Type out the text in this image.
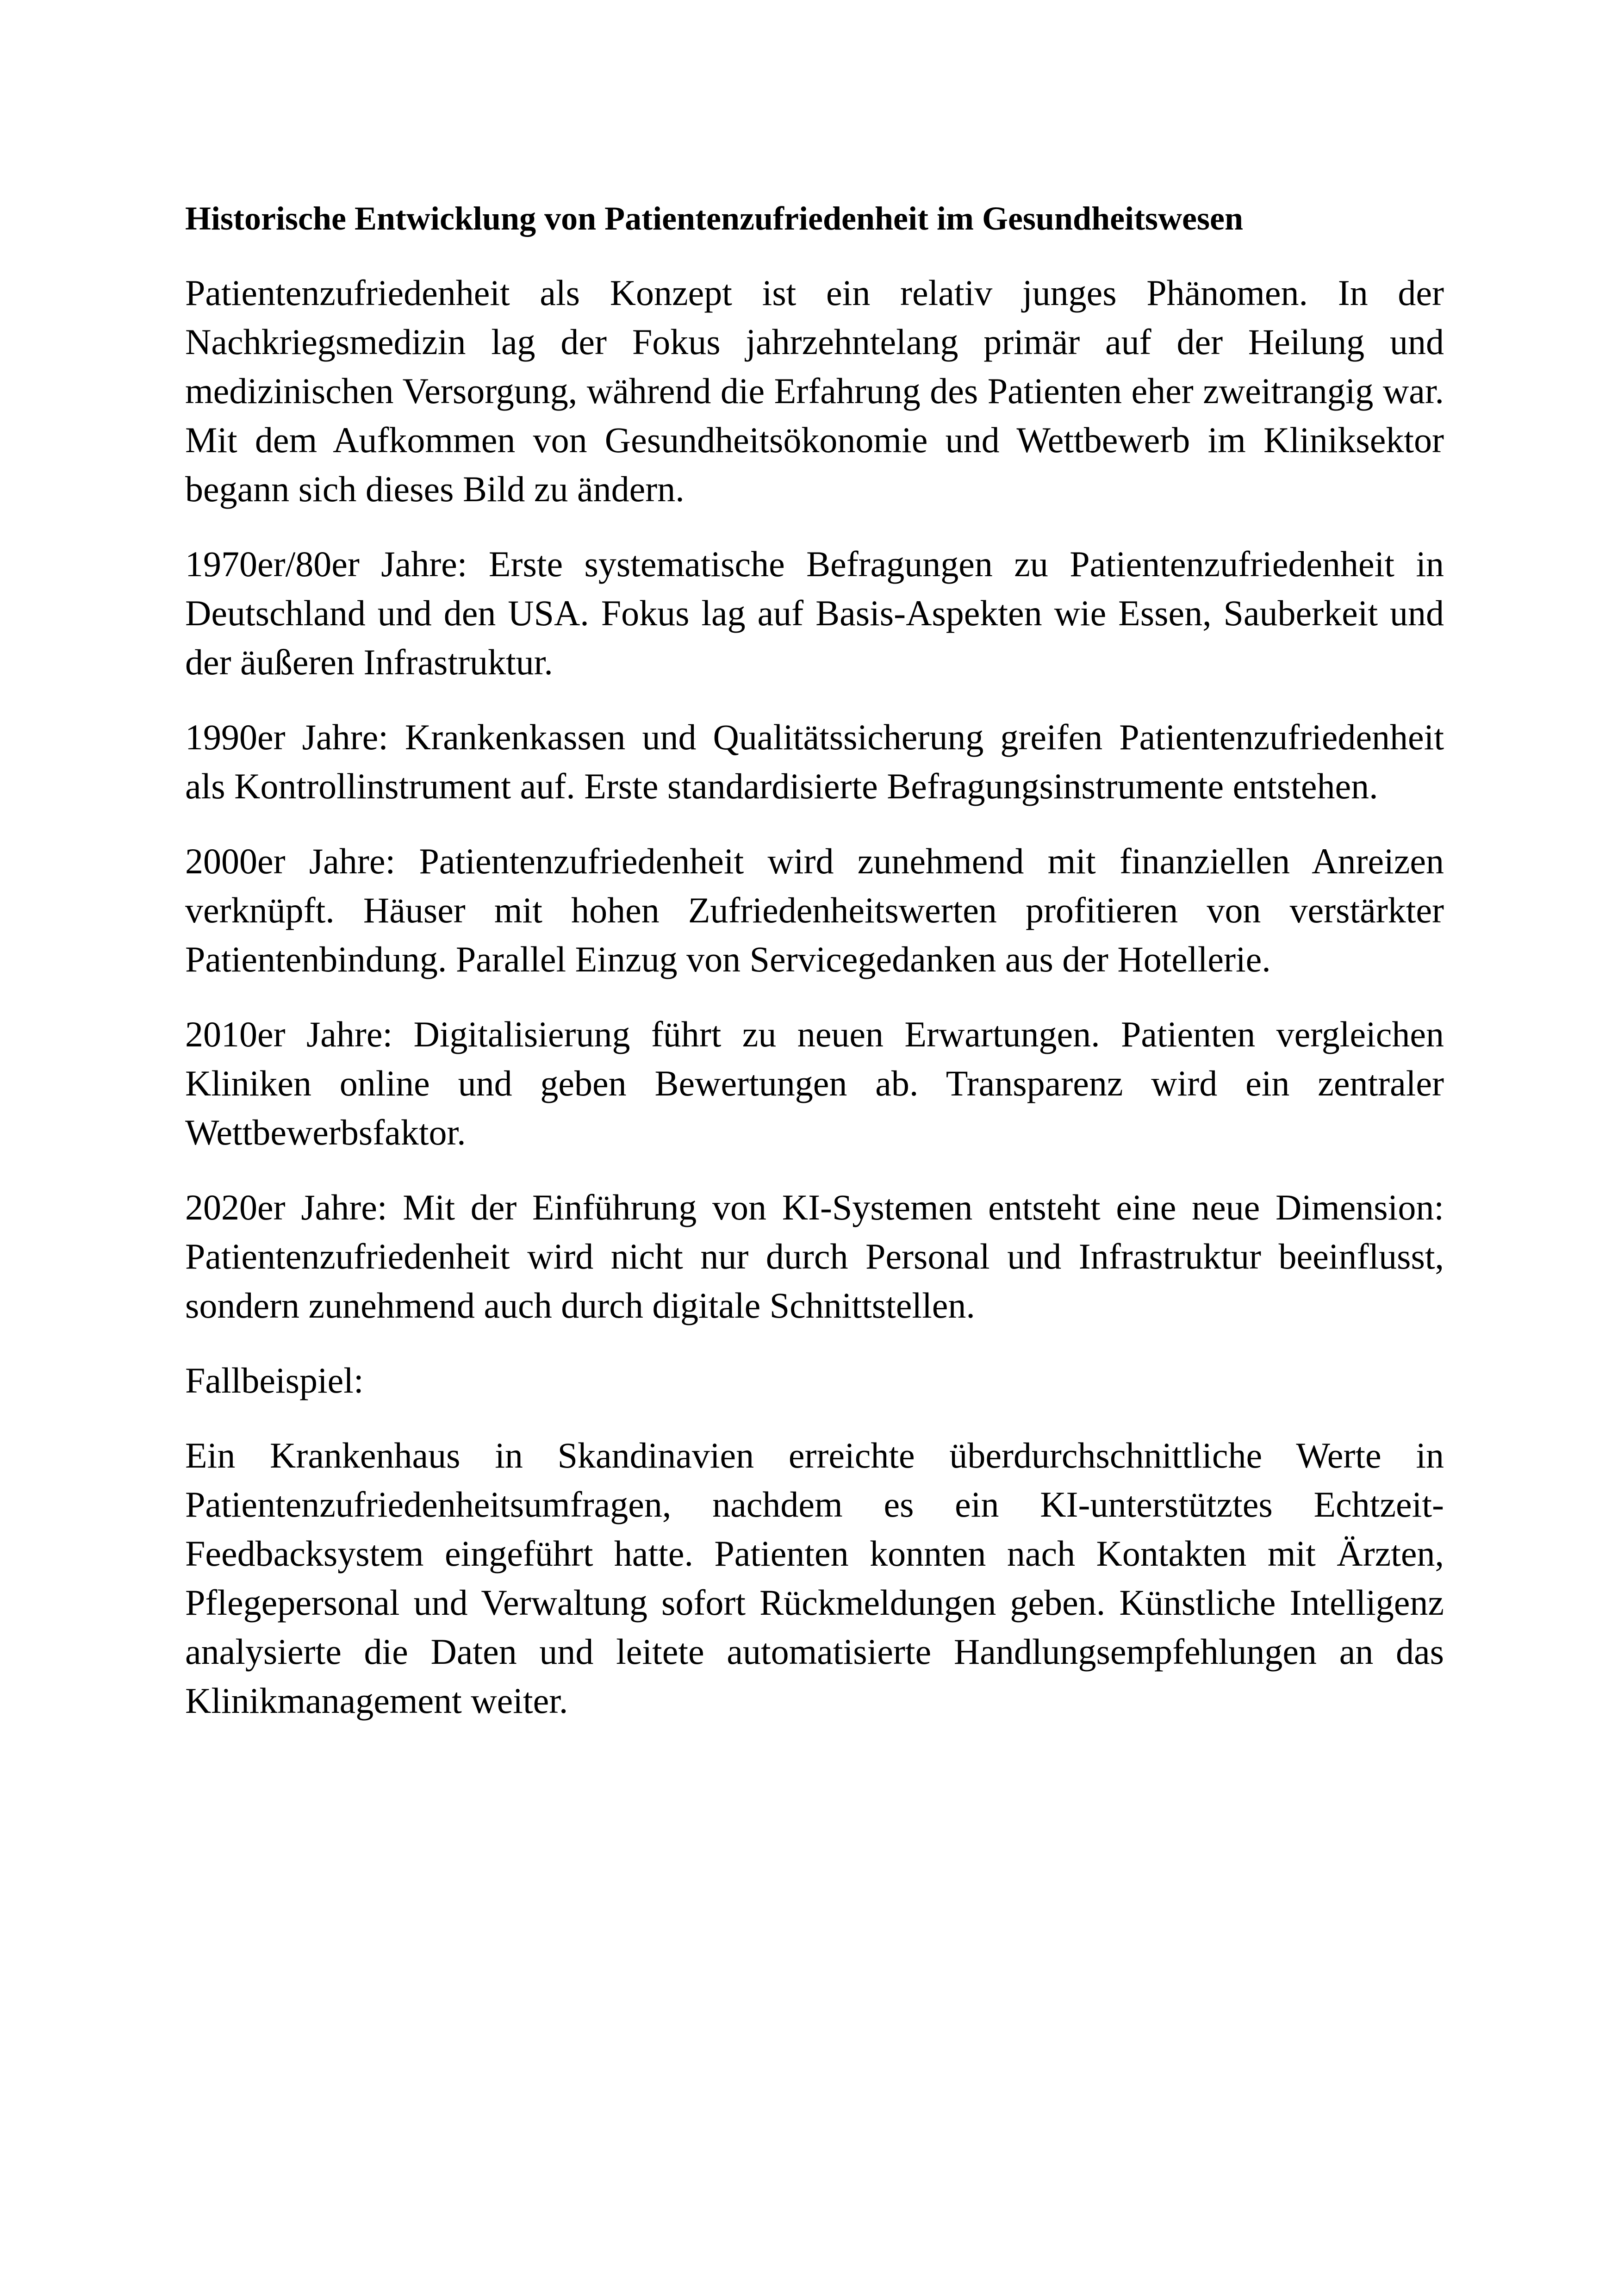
Historische Entwicklung von Patientenzufriedenheit im Gesundheitswesen

Patientenzufriedenheit als Konzept ist ein relativ junges Phänomen. In der Nachkriegsmedizin lag der Fokus jahrzehntelang primär auf der Heilung und medizinischen Versorgung, während die Erfahrung des Patienten eher zweitrangig war. Mit dem Aufkommen von Gesundheitsökonomie und Wettbewerb im Kliniksektor begann sich dieses Bild zu ändern.

1970er/80er Jahre: Erste systematische Befragungen zu Patientenzufriedenheit in Deutschland und den USA. Fokus lag auf Basis-Aspekten wie Essen, Sauberkeit und der äußeren Infrastruktur.

1990er Jahre: Krankenkassen und Qualitätssicherung greifen Patientenzufriedenheit als Kontrollinstrument auf. Erste standardisierte Befragungsinstrumente entstehen.

2000er Jahre: Patientenzufriedenheit wird zunehmend mit finanziellen Anreizen verknüpft. Häuser mit hohen Zufriedenheitswerten profitieren von verstärkter Patientenbindung. Parallel Einzug von Servicegedanken aus der Hotellerie.

2010er Jahre: Digitalisierung führt zu neuen Erwartungen. Patienten vergleichen Kliniken online und geben Bewertungen ab. Transparenz wird ein zentraler Wettbewerbsfaktor.

2020er Jahre: Mit der Einführung von KI-Systemen entsteht eine neue Dimension: Patientenzufriedenheit wird nicht nur durch Personal und Infrastruktur beeinflusst, sondern zunehmend auch durch digitale Schnittstellen.

Fallbeispiel:

Ein Krankenhaus in Skandinavien erreichte überdurchschnittliche Werte in Patientenzufriedenheitsumfragen, nachdem es ein KI-unterstütztes Echtzeit-Feedbacksystem eingeführt hatte. Patienten konnten nach Kontakten mit Ärzten, Pflegepersonal und Verwaltung sofort Rückmeldungen geben. Künstliche Intelligenz analysierte die Daten und leitete automatisierte Handlungsempfehlungen an das Klinikmanagement weiter.
